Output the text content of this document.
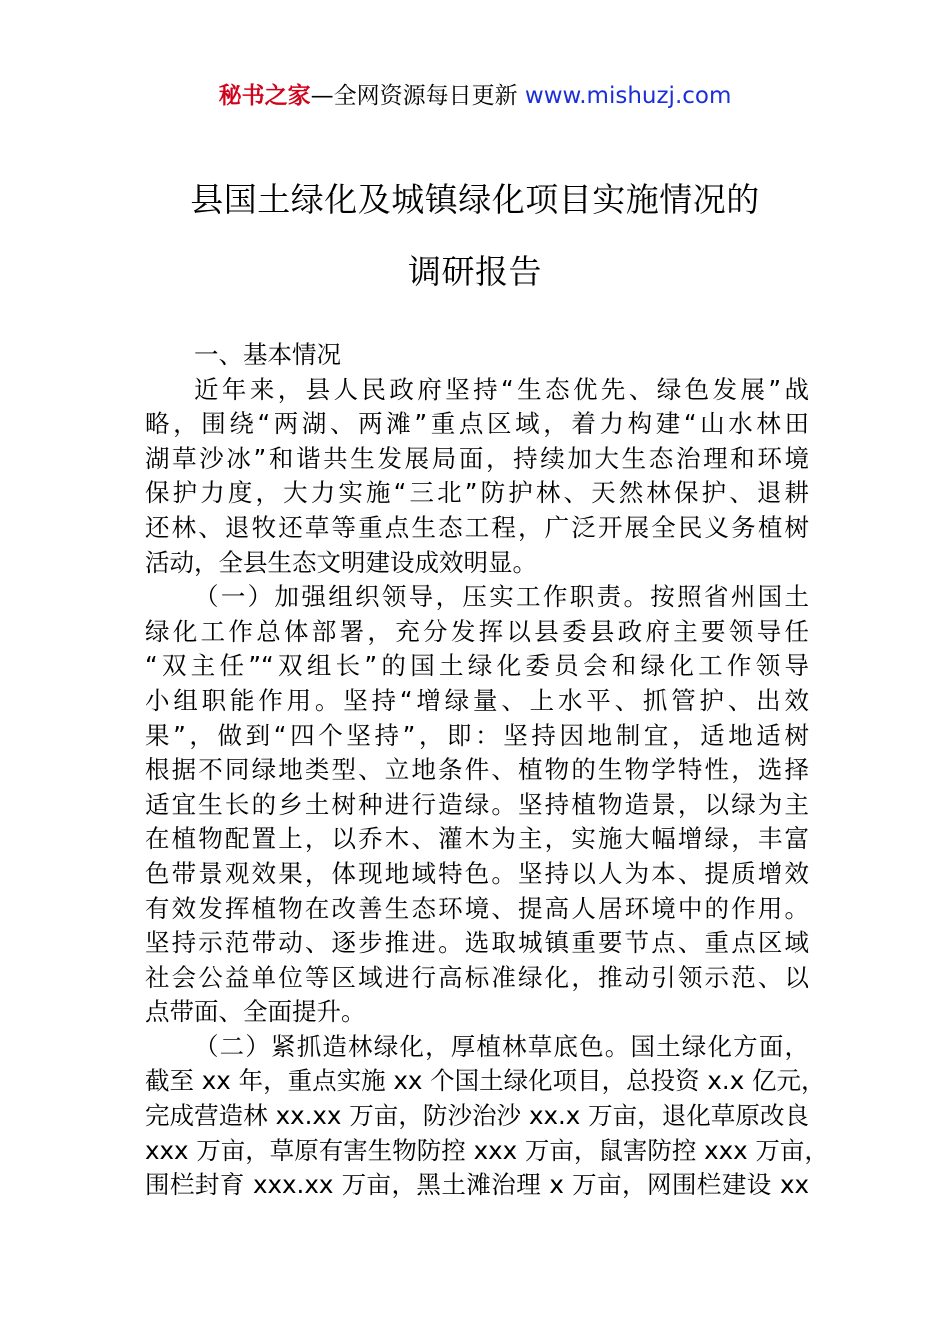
秘书之家—全网资源每日更新 www.mishuzj.com
县国土绿化及城镇绿化项目实施情况的
调研报告
一、基本情况
近年来，县人民政府坚持“生态优先、绿色发展”战
略，围绕“两湖、两滩”重点区域，着力构建“山水林田
湖草沙冰”和谐共生发展局面，持续加大生态治理和环境
保护力度，大力实施“三北”防护林、天然林保护、退耕
还林、退牧还草等重点生态工程，广泛开展全民义务植树
活动，全县生态文明建设成效明显。
（一）加强组织领导，压实工作职责。按照省州国土
绿化工作总体部署，充分发挥以县委县政府主要领导任
“双主任”“双组长”的国土绿化委员会和绿化工作领导
小组职能作用。坚持“增绿量、上水平、抓管护、出效
果”，做到“四个坚持”，即：坚持因地制宜，适地适树
根据不同绿地类型、立地条件、植物的生物学特性，选择
适宜生长的乡土树种进行造绿。坚持植物造景，以绿为主
在植物配置上，以乔木、灌木为主，实施大幅增绿，丰富
色带景观效果，体现地域特色。坚持以人为本、提质增效
有效发挥植物在改善生态环境、提高人居环境中的作用。
坚持示范带动、逐步推进。选取城镇重要节点、重点区域
社会公益单位等区域进行高标准绿化，推动引领示范、以
点带面、全面提升。
（二）紧抓造林绿化，厚植林草底色。国土绿化方面，
截至 xx 年，重点实施 xx 个国土绿化项目，总投资 x.x 亿元，
完成营造林 xx.xx 万亩，防沙治沙 xx.x 万亩，退化草原改良
xxx 万亩，草原有害生物防控 xxx 万亩，鼠害防控 xxx 万亩，
围栏封育 xxx.xx 万亩，黑土滩治理 x 万亩，网围栏建设 xx
